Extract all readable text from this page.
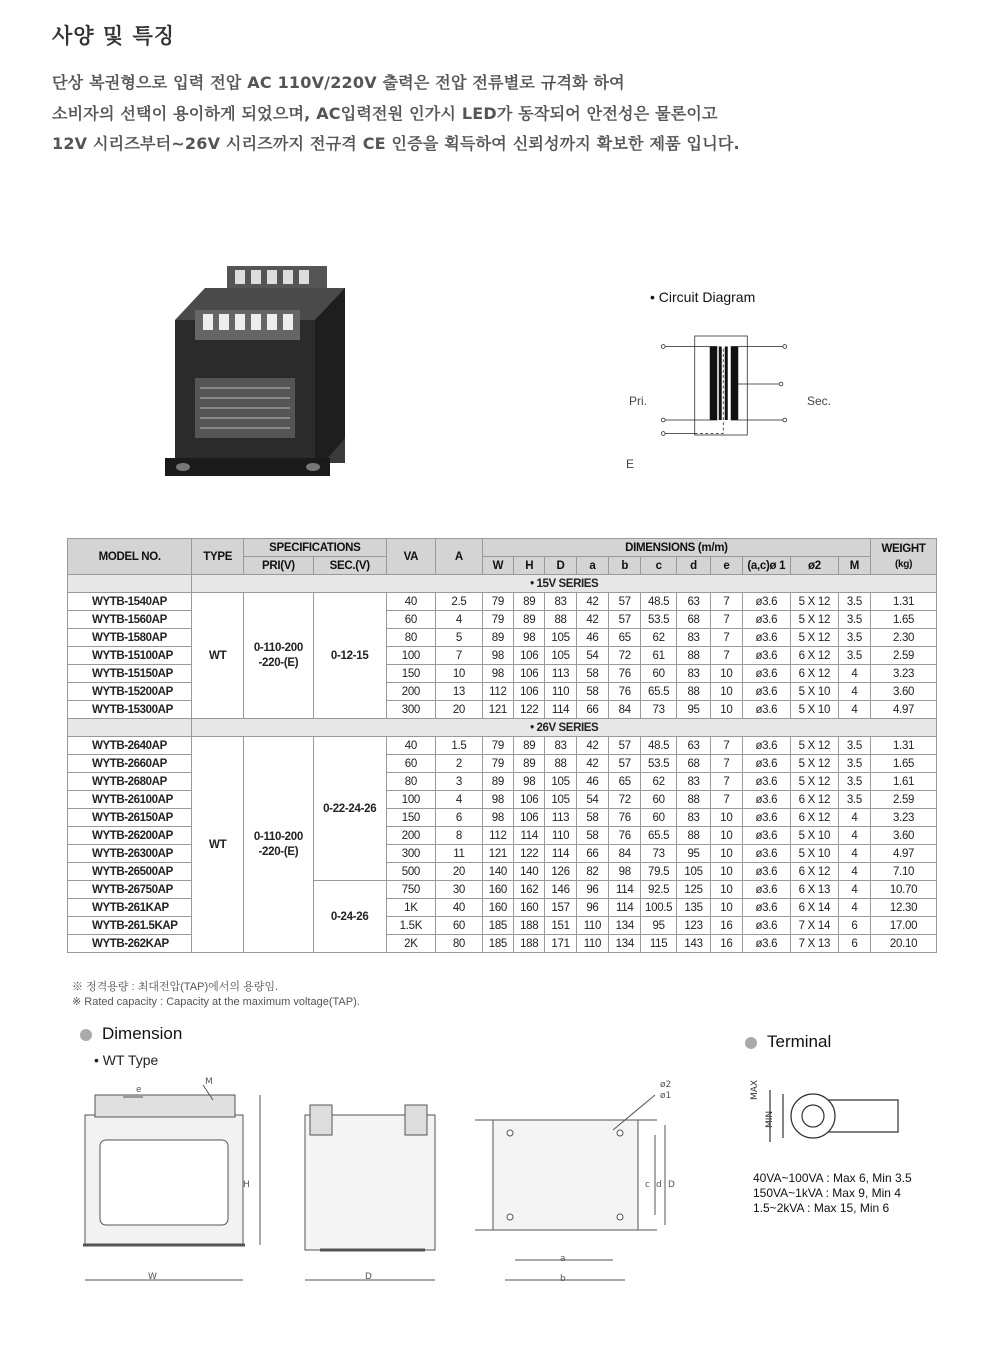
사양 및 특징
단상 복권형으로 입력 전압 AC 110V/220V 출력은 전압 전류별로 규격화 하여
소비자의 선택이 용이하게 되었으며, AC입력전원 인가시 LED가 동작되어 안전성은 물론이고
12V 시리즈부터~26V 시리즈까지 전규격 CE 인증을 획득하여 신뢰성까지 확보한 제품 입니다.
• Circuit Diagram
Pri.	Sec.
E
MODEL NO.	TYPE	SPECIFICATIONS		VA	A	DIMENSIONS (m/m)											WEIGHT
(kg)

		PRI(V)	SEC.(V)			W	H	D	a	b	c	d	e	(a,c)ø 1	ø2	M	
	• 15V SERIES																
WYTB-1540AP	WT	0-110-200
-220-(E)	0-12-15	40	2.5	79	89	83	42	57	48.5	63	7	ø3.6	5 X 12	3.5	1.31
WYTB-1560AP				60	4	79	89	88	42	57	53.5	68	7	ø3.6	5 X 12	3.5	1.65
WYTB-1580AP				80	5	89	98	105	46	65	62	83	7	ø3.6	5 X 12	3.5	2.30
WYTB-15100AP				100	7	98	106	105	54	72	61	88	7	ø3.6	6 X 12	3.5	2.59
WYTB-15150AP				150	10	98	106	113	58	76	60	83	10	ø3.6	6 X 12	4	3.23
WYTB-15200AP				200	13	112	106	110	58	76	65.5	88	10	ø3.6	5 X 10	4	3.60
WYTB-15300AP				300	20	121	122	114	66	84	73	95	10	ø3.6	5 X 10	4	4.97
	• 26V SERIES																
WYTB-2640AP	WT	0-110-200
-220-(E)	0-22-24-26	40	1.5	79	89	83	42	57	48.5	63	7	ø3.6	5 X 12	3.5	1.31
WYTB-2660AP				60	2	79	89	88	42	57	53.5	68	7	ø3.6	5 X 12	3.5	1.65
WYTB-2680AP				80	3	89	98	105	46	65	62	83	7	ø3.6	5 X 12	3.5	1.61
WYTB-26100AP				100	4	98	106	105	54	72	60	88	7	ø3.6	6 X 12	3.5	2.59
WYTB-26150AP				150	6	98	106	113	58	76	60	83	10	ø3.6	6 X 12	4	3.23
WYTB-26200AP				200	8	112	114	110	58	76	65.5	88	10	ø3.6	5 X 10	4	3.60
WYTB-26300AP				300	11	121	122	114	66	84	73	95	10	ø3.6	5 X 10	4	4.97
WYTB-26500AP				500	20	140	140	126	82	98	79.5	105	10	ø3.6	6 X 12	4	7.10
WYTB-26750AP			0-24-26	750	30	160	162	146	96	114	92.5	125	10	ø3.6	6 X 13	4	10.70
WYTB-261KAP				1K	40	160	160	157	96	114	100.5	135	10	ø3.6	6 X 14	4	12.30
WYTB-261.5KAP				1.5K	60	185	188	151	110	134	95	123	16	ø3.6	7 X 14	6	17.00
WYTB-262KAP				2K	80	185	188	171	110	134	115	143	16	ø3.6	7 X 13	6	20.10
※ 정격용량 : 최대전압(TAP)에서의 용량임.
※ Rated capacity : Capacity at the maximum voltage(TAP).
Dimension
• WT Type
e
M
H
W	D
ø2
ø1
c d D
a
b
Terminal
MAX
MIN
40VA~100VA : Max 6, Min 3.5
150VA~1kVA : Max 9, Min 4
1.5~2kVA : Max 15, Min 6
